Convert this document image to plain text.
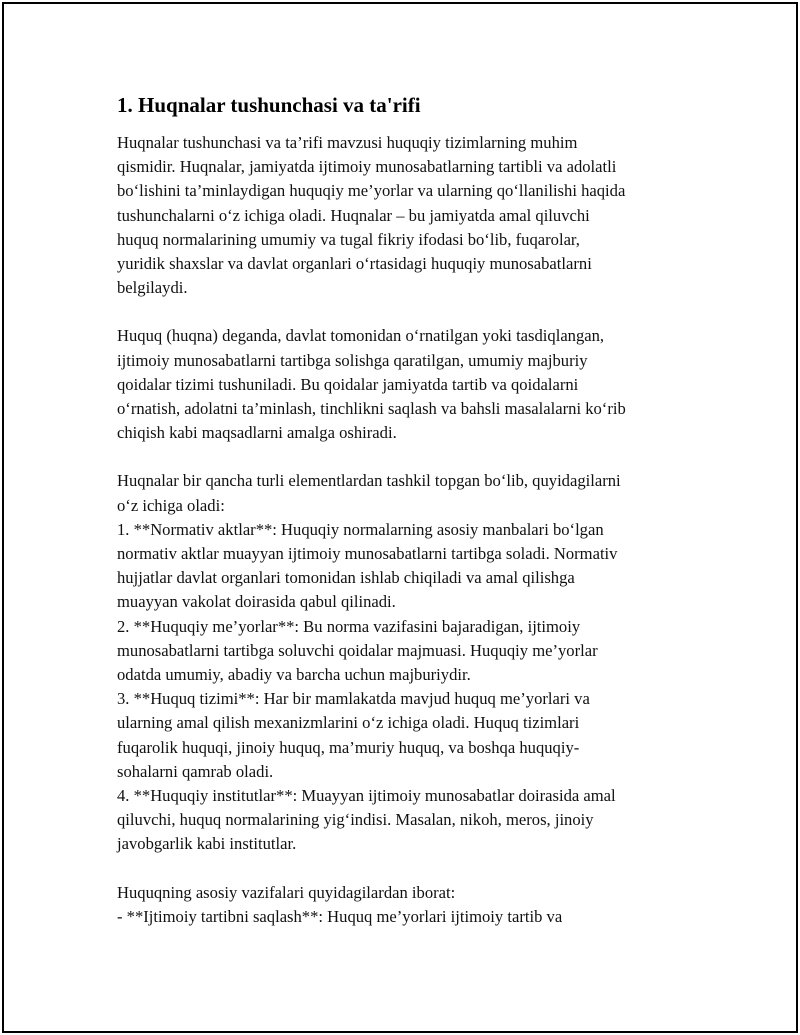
1. Huqnalar tushunchasi va ta'rifi

Huqnalar tushunchasi va ta’rifi mavzusi huquqiy tizimlarning muhim
qismidir. Huqnalar, jamiyatda ijtimoiy munosabatlarning tartibli va adolatli
bo‘lishini ta’minlaydigan huquqiy me’yorlar va ularning qo‘llanilishi haqida
tushunchalarni o‘z ichiga oladi. Huqnalar – bu jamiyatda amal qiluvchi
huquq normalarining umumiy va tugal fikriy ifodasi bo‘lib, fuqarolar,
yuridik shaxslar va davlat organlari o‘rtasidagi huquqiy munosabatlarni
belgilaydi.

Huquq (huqna) deganda, davlat tomonidan o‘rnatilgan yoki tasdiqlangan,
ijtimoiy munosabatlarni tartibga solishga qaratilgan, umumiy majburiy
qoidalar tizimi tushuniladi. Bu qoidalar jamiyatda tartib va qoidalarni
o‘rnatish, adolatni ta’minlash, tinchlikni saqlash va bahsli masalalarni ko‘rib
chiqish kabi maqsadlarni amalga oshiradi.

Huqnalar bir qancha turli elementlardan tashkil topgan bo‘lib, quyidagilarni
o‘z ichiga oladi:
1. **Normativ aktlar**: Huquqiy normalarning asosiy manbalari bo‘lgan
normativ aktlar muayyan ijtimoiy munosabatlarni tartibga soladi. Normativ
hujjatlar davlat organlari tomonidan ishlab chiqiladi va amal qilishga
muayyan vakolat doirasida qabul qilinadi.
2. **Huquqiy me’yorlar**: Bu norma vazifasini bajaradigan, ijtimoiy
munosabatlarni tartibga soluvchi qoidalar majmuasi. Huquqiy me’yorlar
odatda umumiy, abadiy va barcha uchun majburiydir.
3. **Huquq tizimi**: Har bir mamlakatda mavjud huquq me’yorlari va
ularning amal qilish mexanizmlarini o‘z ichiga oladi. Huquq tizimlari
fuqarolik huquqi, jinoiy huquq, ma’muriy huquq, va boshqa huquqiy-
sohalarni qamrab oladi.
4. **Huquqiy institutlar**: Muayyan ijtimoiy munosabatlar doirasida amal
qiluvchi, huquq normalarining yig‘indisi. Masalan, nikoh, meros, jinoiy
javobgarlik kabi institutlar.

Huquqning asosiy vazifalari quyidagilardan iborat:
- **Ijtimoiy tartibni saqlash**: Huquq me’yorlari ijtimoiy tartib va
